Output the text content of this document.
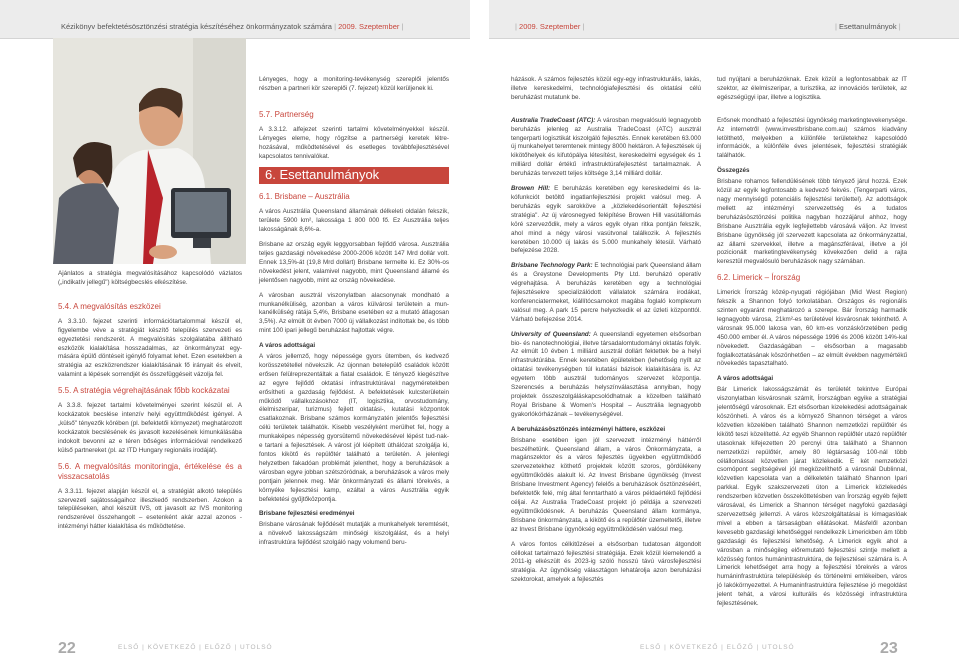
Kézikönyv befektetésösztönzési stratégia készítéséhez önkormányzatok számára | 2009. Szeptember |	| 2009. Szeptember |	| Esettanulmányok |

Ajánlatos a stratégia megvalósításához kapcsolódó vázlatos („indikatív jellegű") költségbecslés elkészítése.

5.4. A megvalósítás eszközei

A 3.3.10. fejezet szerinti információtartalommal készül el, figyelembe véve a stratégiát készítő település szervezeti es egyeztetési rendszerét. A megvalósítás szolgálatába állítható eszközök kialakítása hosszadalmas, az önkormányzat egymására épülő döntéseit igénylő folyamat lehet. Ezen esetekben a stratégia az eszközrendszer kialakításának fő irányait és elveit, valamint a lépések sorrendjét és összefüggéseit vázolja fel.

5.5. A stratégia végrehajtásának főbb kockázatai

A 3.3.8. fejezet tartalmi követelményei szerint készül el. A kockázatok becslése intenzív helyi együttműködést igényel. A „külső" tényezők körében (pl. befektetői környezet) meghatározott kockázatok becslésének és javasolt kezelésének kimunkálásába indokolt bevonni az e téren bőséges információval rendelkező külső partnereket (pl. az ITD Hungary regionális irodáját).

5.6. A megvalósítás monitoringja, értékelése és a visszacsatolás

A 3.3.11. fejezet alapján készül el, a stratégiát alkotó település szervezeti sajátosságaihoz illeszkedő rendszerben. Azokon a településeken, ahol készült IVS, ott javasolt az IVS monitoring rendszerével összehangolt – esetenként akár azzal azonos - intézményi hátter kialakítása és működtetése.

Lényeges, hogy a monitoring-tevékenység szereplői jelentős részben a partneri kör szereplői (7. fejezet) közül kerüljenek ki.

5.7. Partnerség

A 3.3.12. alfejezet szerinti tartalmi követelményekkel készül. Lényeges eleme, hogy rögzítse a partnerségi keretek létrehozásával, működtetésével és esetleges továbbfejlesztésével kapcsolatos tennivalókat.

6. Esettanulmányok
6.1. Brisbane – Ausztrália

A város Ausztrália Queensland államának délkeleti oldalán fekszik, területe 5900 km², lakossága 1 800 000 fő. Ez Ausztrália teljes lakosságának 8,6%-a.

Brisbane az ország egyik leggyorsabban fejlődő városa. Ausztrália teljes gazdasági növekedése 2000-2006 között 147 Mrd dollár volt. Ennek 13,5%-át (19,8 Mrd dollárt) Brisbane termelte ki. Ez 30%-os növekedést jelent, valamivel nagyobb, mint Queensland államé és jelentősen nagyobb, mint az ország növekedése.

A városban ausztrál viszonylatban alacsonynak mondható a munkanélküliség, azonban a város külvárosi területein a munkanélküliség rátája 5,4%, Brisbane esetében ez a mutató átlagosan 3,5%). Az elmúlt öt évben 7000 új vállalkozást indítottak be, és több mint 100 ipari jellegű beruházást hajtottak végre.

A város adottságai

A város jellemző, hogy népessége gyors ütemben, és kedvező korösszetétellel növekszik. Az újonnan betelepülő családok között erősen felülreprezentáltak a fiatal családok. E tényező kiegészítve az egyre fejlődő oktatási infrastruktúrával nagyméretekben erősítheti a gazdaság fejlődést. A befektetések kulcsterületein működő vállalkozásokhoz (IT, logisztika, orvostudomány, élelmiszeripar, turizmus) fejlett oktatási-, kutatási központok csatlakoznak. Brisbane számos kormányzatén jelentős fejlesztési célú területek találhatók. Kisebb veszélyként merülhet fel, hogy a munkaképes népesség gyorsütemű növekedésével lépést tud-nak-e tartani a fejlesztések. A várost jól kiépített úthálózat szolgálja ki, fontos kikötő és repülőtér található a területén. A jelenlegi helyzetben fakadóan problémát jelenthet, hogy a beruházások a városban egyre jobban szétszóródnak, a beruházások a város mely pontjain jelennek meg. Már önkormányzati és állami törekvés, a környéke fejlesztési kamp, ezáltal a város Ausztrália egyik befektetési gyűjtőközpontja.

Brisbane fejlesztési eredményei

Brisbane városának fejlődését mutatják a munkahelyek teremtését, a növekvő lakosságszám minőségi kiszolgálást, és a helyi infrastruktúra fejlődést szolgáló nagy volumenű beru-

házások. A számos fejlesztés közül egy-egy infrastrukturális, lakás, illetve kereskedelmi, technológiafejlesztési és oktatási célú beruházást mutatunk be.

Australia TradeCoast (ATC): A városban megvalósuló legnagyobb beruházás jelenleg az Australia TradeCoast (ATC) ausztrál tengerparti logisztikát kiszolgáló fejlesztés. Ennek keretében 63.000 új munkahelyet teremtenek mintegy 8000 hektáron. A fejlesztések új kikötőhelyek és kifutópálya létesítést, kereskedelmi egységek és 1 milliárd dollár értékű infrastruktúrafejlesztést tartalmaznak. A beruházás tervezett teljes költsége 3,14 milliárd dollár.

Browen Hill: E beruházás keretében egy kereskedelmi és lakófunkciót betöltő ingatlanfejlesztési projekt valósul meg. A beruházás egyik sarokköve a „közlekedésorientált fejlesztési stratégia". Az új városnegyed felépítése Browen Hill vasútállomás köré szerveződik, mely a város egyik olyan ritka pontján fekszik, ahol mind a négy városi vasútvonal találkozik. A fejlesztés keretében 10.000 új lakás és 5.000 munkahely létesül. Várható befejezése 2028.

Brisbane Technology Park: E technológiai park Queensland állam és a Greystone Developments Pty Ltd. beruházó operatív végrehajtása. A beruházás keretében egy a technológiai fejlesztésekre specializálódott vállalatok számára irodákat, konferenciatermeket, kiállítócsarnokot magába foglaló komplexum valósul meg. A park 15 percre helyezkedik el az üzleti központtól. Várható befejezése 2014.

University of Queensland: A queenslandi egyetemen elsősorban bio- és nanotechnológiai, illetve társadalomtudományi oktatás folyik. Az elmúlt 10 évben 1 milliárd ausztrál dollárt fektettek be a helyi infrastruktúrába. Ennek keretében épületekben (lehetőség nyílt az oktatási tevékenységben túl kutatási bázisok kialakítására is. Az egyetem több ausztrál tudományos szervezet központja. Szerencsés a beruházás helyszínválasztása annyiban, hogy projektek összeszolgáláskapcsolódhatnak a közelben található Royal Brisbane & Women's Hospital – Ausztrália legnagyobb gyakorlókórházának – tevékenységével.

A beruházásösztönzés intézményi háttere, eszközei

Brisbane esetében igen jól szervezett intézményi háttérről beszélhetünk. Queensland állam, a város Önkormányzata, a magánszektor és a város fejlesztés ügyekben együttműködő szervezetekhez köthető projektek között szoros, gördülékeny együttműködés alakult ki. Az Invest Brisbane ügynökség (Invest Brisbane Investment Agency) felelős a beruházások ösztönzéséért, befektetők felé, míg által fenntartható a város példaértékű fejlődési céljai. Az Australia TradeCoast projekt jó példája a szervezeti együttműködésnek. A beruházás Queensland állam kormánya, Brisbane önkormányzata, a kikötő és a repülőtér üzemeltetői, illetve az Invest Brisbane ügynökség együttműködésén valósul meg.

A város fontos célkitűzései a elsősorban tudatosan átgondolt céllokat tartalmazó fejlesztési stratégiája. Ezek közül kiemelendő a 2011-ig elkészült és 2023-ig szóló hosszú távú városfejlesztési stratégia. Az ügynökség választágon lehatárolja azon beruházási szektorokat, amelyek a fejlesztés

tud nyújtani a beruházóknak. Ezek közül a legfontosabbak az IT szektor, az élelmiszeripar, a turisztika, az innovációs területek, az egészségügyi ipar, illetve a logisztika.

Erősnek mondható a fejlesztési ügynökség marketingtevekenysége. Az internetről (www.investbrisbane.com.au) számos kiadvány letölthető, melyekben a különféle területekhez kapcsolódó információk, a különféle éves jelentések, fejlesztési stratégiák találhatók.

Összegzés

Brisbane rohamos fellendülésének több tényező járul hozzá. Ezek közül az egyik legfontosabb a kedvező fekvés. (Tengerparti város, nagy mennyiségű potenciális fejlesztési területtel). Az adottságok mellett az intézményi szervezettség és a tudatos beruházásösztönzési politika nagyban hozzájárul ahhoz, hogy Brisbane Ausztrália egyik legfejlettebb városává váljon. Az Invest Brisbane ügynökség jól szervezett kapcsolata az önkormányzattal, az állami szervekkel, illetve a magánszférával, illetve a jól pozicionált marketingtevékenység kövekezően delid a rajta keresztül megvalósuló beruházások nagy számában.

6.2. Limerick – Írország

Limerick Írország közép-nyugati régiójában (Mid West Region) fekszik a Shannon folyó torkolatában. Országos és regionális szinten egyaránt meghatározó a szerepe. Bár Írország harmadik legnagyobb városa, 21km²-es területével kisvárosnak tekinthető. A városnak 95.000 lakosa van, 60 km-es vonzáskörzetében pedig 450.000 ember él. A város népessége 1996 és 2006 között 14%-kal növekedett. Gazdaságában – elsősorban a magasabb foglalkoztatásának köszönhetően – az elmúlt években nagymértékű növekedés tapasztalható.

A város adottságai

Bár Limerick lakosságszámát és területét tekintve Európai viszonylatban kisvárosnak számít, Írországban egyike a stratégiai jelentőségű városoknak. Ezt elsősorban kizelekedési adottságainak köszönheti. A város és a környező Shannon térséget a város közvetlen közelében található Shannon nemzetközi repülőtér és kikötő teszi közelítetté. Az egyéb Shannon repülőtér utazó repülőtér utasoknak kifejezetten 20 percnyi útra található a Shannon nemzetközi repülőtér, amely 80 légtársaság 100-nál több célállomással közvetlen járat közlekedik. E két nemzetközi csomópont segítségével jól megközelíthető a városnál Dublinnal, közvetlen kapcsolata van a délkeletén található Shannon Ipari parkkal. Egyik szakszervezeti úton a Limerick közlekedés rendszerben közvetlen összeköttetésben van Írország egyéb fejlett városával, és Limerick a Shannon térséget nagyfokú gazdasági szervezettség jellemzi. A város közszolgáltatásai is kimagaslóak mivel a ebben a társaságban ellátásokat. Másfelől azonban kevesebb gazdasági lehetőséggel rendelkezik Limerickben ám több gazdasági és fejlesztési lehetőség. A Limerick egyik ahol a városban a minőségileg előremutató fejlesztési szintje mellett a közösség fontos humánintrastruktúra, de fejlesztései számára is. A Limerick lehetőséget arra hogy a fejlesztési törekvés a város humáninfrastruktúra településkép és történelmi emlékeiben, város jó lakókörnyezettel. A Humaninfrastruktúra fejlesztése jó megoldást jelent tehát, a városi kulturális és közösségi infrastruktúra fejlesztésének.

22	ELSŐ | KÖVETKEZŐ | ELŐZŐ | UTOLSÓ	ELSŐ | KÖVETKEZŐ | ELŐZŐ | UTOLSÓ	23
